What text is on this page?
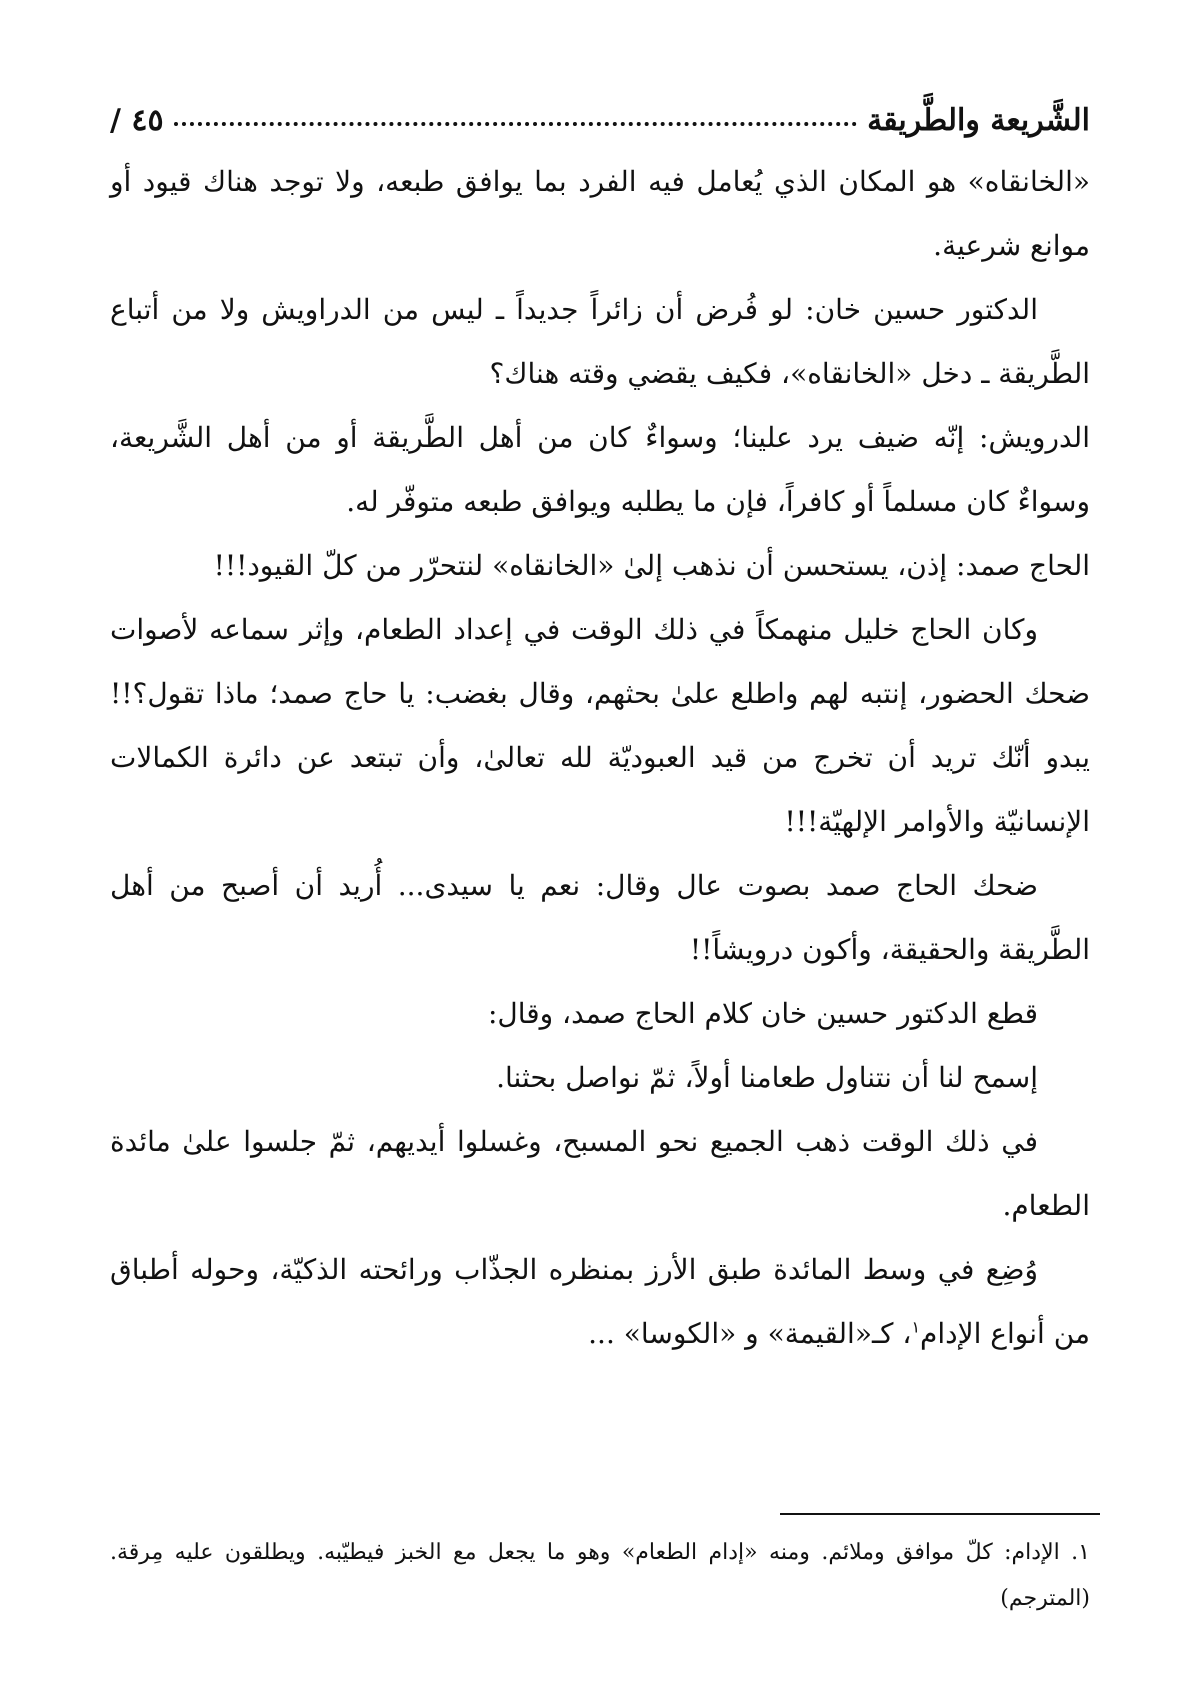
الشَّريعة والطَّريقة
٤٥ /

«الخانقاه» هو المكان الذي يُعامل فيه الفرد بما يوافق طبعه، ولا توجد هناك قيود أو موانع شرعية.

الدكتور حسين خان: لو فُرض أن زائراً جديداً ـ ليس من الدراويش ولا من أتباع الطَّريقة ـ دخل «الخانقاه»، فكيف يقضي وقته هناك؟

الدرويش: إنّه ضيف يرد علينا؛ وسواءٌ كان من أهل الطَّريقة أو من أهل الشَّريعة، وسواءٌ كان مسلماً أو كافراً، فإن ما يطلبه ويوافق طبعه متوفّر له.

الحاج صمد: إذن، يستحسن أن نذهب إلىٰ «الخانقاه» لنتحرّر من كلّ القيود!!!

وكان الحاج خليل منهمكاً في ذلك الوقت في إعداد الطعام، وإثر سماعه لأصوات ضحك الحضور، إنتبه لهم واطلع علىٰ بحثهم، وقال بغضب: يا حاج صمد؛ ماذا تقول؟!! يبدو أنّك تريد أن تخرج من قيد العبوديّة لله تعالىٰ، وأن تبتعد عن دائرة الكمالات الإنسانيّة والأوامر الإلهيّة!!!

ضحك الحاج صمد بصوت عال وقال: نعم يا سيدى... أُريد أن أصبح من أهل الطَّريقة والحقيقة، وأكون درويشاً!!

قطع الدكتور حسين خان كلام الحاج صمد، وقال:

إسمح لنا أن نتناول طعامنا أولاً، ثمّ نواصل بحثنا.

في ذلك الوقت ذهب الجميع نحو المسبح، وغسلوا أيديهم، ثمّ جلسوا علىٰ مائدة الطعام.

وُضِع في وسط المائدة طبق الأرز بمنظره الجذّاب ورائحته الذكيّة، وحوله أطباق من أنواع الإدام$^١$، كـ«القيمة» و «الكوسا» ...

١. الإدام: كلّ موافق وملائم. ومنه «إدام الطعام» وهو ما يجعل مع الخبز فيطيّبه. ويطلقون عليه مِرقة. (المترجم)
